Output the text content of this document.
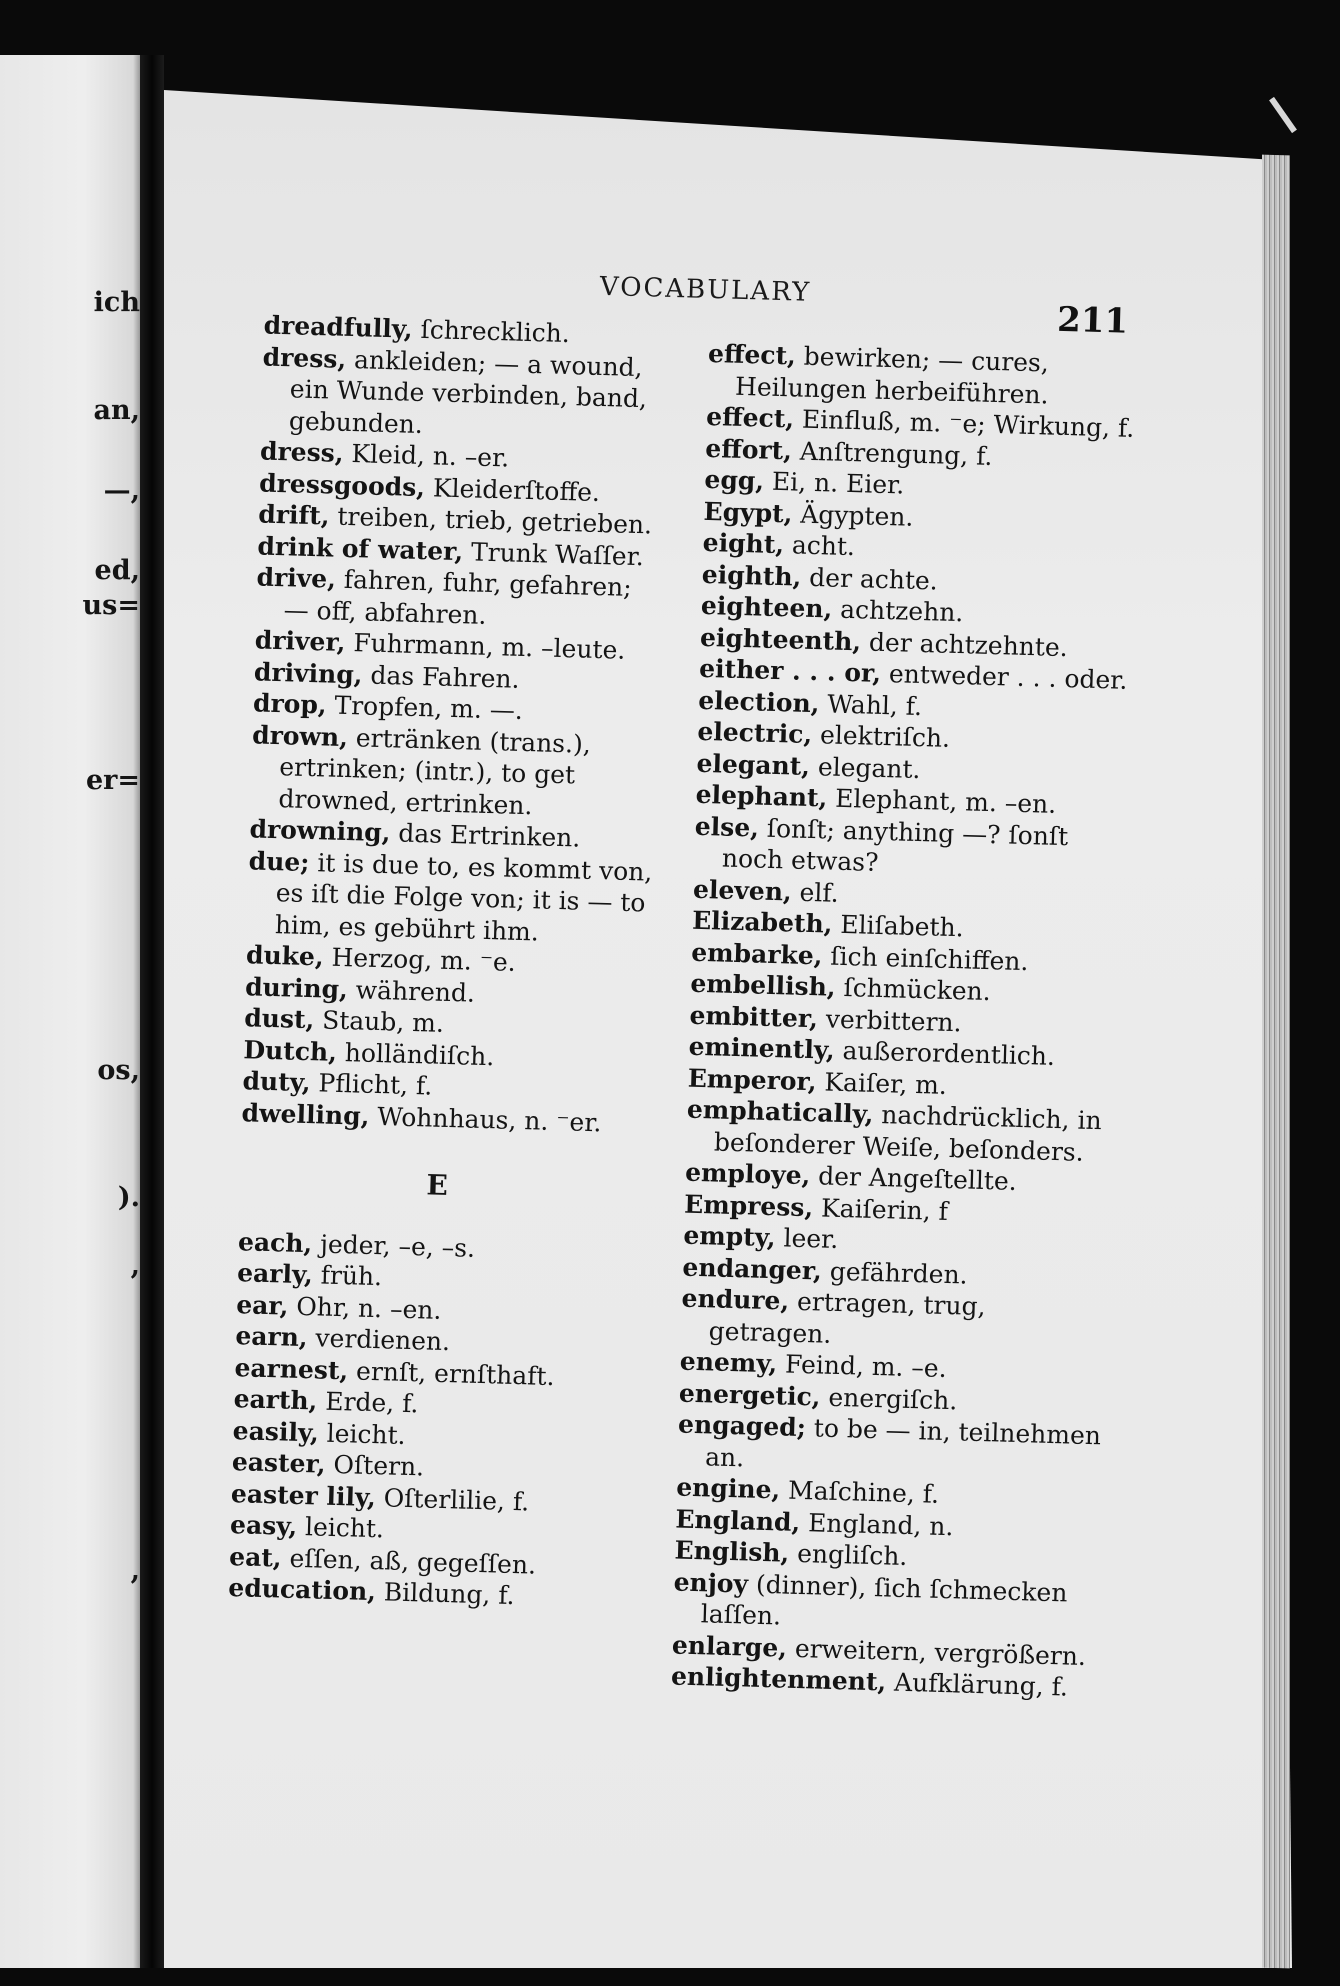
ich
an,
—,
ed,
us=
er=
os,
).
,
,
VOCABULARY
211

dreadfully, ſchrecklich.

dress, ankleiden; — a wound, ein Wunde verbinden, band, gebunden.

dress, Kleid, n. –er.

dressgoods, Kleiderſtoffe.

drift, treiben, trieb, getrieben.

drink of water, Trunk Waſſer.

drive, fahren, fuhr, gefahren; — off, abfahren.

driver, Fuhrmann, m. –leute.

driving, das Fahren.

drop, Tropfen, m. —.

drown, ertränken (trans.), ertrinken; (intr.), to get drowned, ertrinken.

drowning, das Ertrinken.

due; it is due to, es kommt von, es iſt die Folge von; it is — to him, es gebührt ihm.

duke, Herzog, m. ⁻e.

during, während.

dust, Staub, m.

Dutch, holländiſch.

duty, Pflicht, f.

dwelling, Wohnhaus, n. ⁻er.

E

each, jeder, –e, –s.

early, früh.

ear, Ohr, n. –en.

earn, verdienen.

earnest, ernſt, ernſthaft.

earth, Erde, f.

easily, leicht.

easter, Oſtern.

easter lily, Oſterlilie, f.

easy, leicht.

eat, eſſen, aß, gegeſſen.

education, Bildung, f.

effect, bewirken; — cures, Heilungen herbeiführen.

effect, Einfluß, m. ⁻e; Wirkung, f.

effort, Anſtrengung, f.

egg, Ei, n. Eier.

Egypt, Ägypten.

eight, acht.

eighth, der achte.

eighteen, achtzehn.

eighteenth, der achtzehnte.

either . . . or, entweder . . . oder.

election, Wahl, f.

electric, elektriſch.

elegant, elegant.

elephant, Elephant, m. –en.

else, ſonſt; anything —? ſonſt noch etwas?

eleven, elf.

Elizabeth, Eliſabeth.

embarke, ſich einſchiffen.

embellish, ſchmücken.

embitter, verbittern.

eminently, außerordentlich.

Emperor, Kaiſer, m.

emphatically, nachdrücklich, in beſonderer Weiſe, beſonders.

employe, der Angeſtellte.

Empress, Kaiſerin, f

empty, leer.

endanger, gefährden.

endure, ertragen, trug, getragen.

enemy, Feind, m. –e.

energetic, energiſch.

engaged; to be — in, teilnehmen an.

engine, Maſchine, f.

England, England, n.

English, engliſch.

enjoy (dinner), ſich ſchmecken laſſen.

enlarge, erweitern, vergrößern.

enlightenment, Aufklärung, f.
